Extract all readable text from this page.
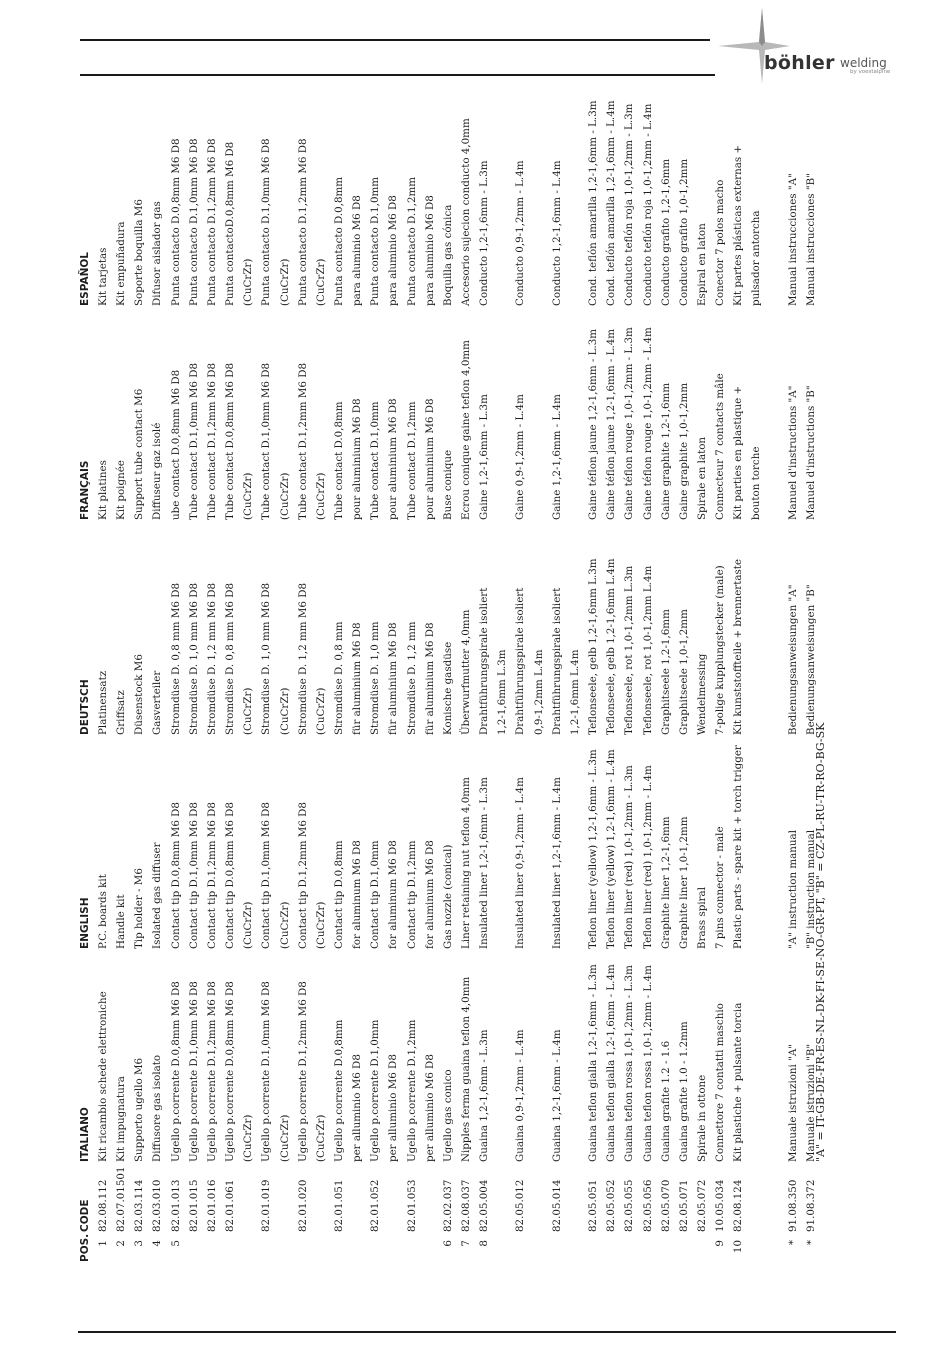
böhler welding
by voestalpine
POS.
CODE
ITALIANO
ENGLISH
DEUTSCH
FRANÇAIS
ESPAÑOL
1
82.08.112
Kit ricambio schede elettroniche
P.C. boards kit
Platinensatz
Kit platines
Kit tarjetas
2
82.07.01501
Kit impugnatura
Handle kit
Griffsatz
Kit poignée
Kit empuñadura
3
82.03.114
Supporto ugello M6
Tip holder - M6
Düsenstock M6
Support tube contact M6
Soporte boquilla M6
4
82.03.010
Diffusore gas isolato
Isolated gas diffuser
Gasverteiler
Diffuseur gaz isolé
Difusor aislador gas
5
82.01.013
Ugello p.corrente D.0,8mm M6 D8
Contact tip D.0,8mm M6 D8
Stromdüse D. 0,8 mm M6 D8
ube contact D.0,8mm M6 D8
Punta contacto D.0,8mm M6 D8
82.01.015
Ugello p.corrente D.1,0mm M6 D8
Contact tip D.1,0mm M6 D8
Stromdüse D. 1,0 mm M6 D8
Tube contact D.1,0mm M6 D8
Punta contacto D.1,0mm M6 D8
82.01.016
Ugello p.corrente D.1,2mm M6 D8
Contact tip D.1,2mm M6 D8
Stromdüse D. 1,2 mm M6 D8
Tube contact D.1,2mm M6 D8
Punta contacto D.1,2mm M6 D8
82.01.061
Ugello p.corrente D.0,8mm M6 D8
Contact tip D.0,8mm M6 D8
Stromdüse D. 0,8 mm M6 D8
Tube contact D.0,8mm M6 D8
Punta contactoD.0,8mm M6 D8
(CuCrZr)
(CuCrZr)
(CuCrZr)
(CuCrZr)
(CuCrZr)
82.01.019
Ugello p.corrente D.1,0mm M6 D8
Contact tip D.1,0mm M6 D8
Stromdüse D. 1,0 mm M6 D8
Tube contact D.1,0mm M6 D8
Punta contacto D.1,0mm M6 D8
(CuCrZr)
(CuCrZr)
(CuCrZr)
(CuCrZr)
(CuCrZr)
82.01.020
Ugello p.corrente D.1,2mm M6 D8
Contact tip D.1,2mm M6 D8
Stromdüse D. 1,2 mm M6 D8
Tube contact D.1,2mm M6 D8
Punta contacto D.1,2mm M6 D8
(CuCrZr)
(CuCrZr)
(CuCrZr)
(CuCrZr)
(CuCrZr)
82.01.051
Ugello p.corrente D.0,8mm
Contact tip D.0,8mm
Stromdüse D. 0,8 mm
Tube contact D.0,8mm
Punta contacto D.0,8mm
per alluminio M6 D8
for aluminum M6 D8
für aluminium M6 D8
pour aluminium M6 D8
para aluminio M6 D8
82.01.052
Ugello p.corrente D.1,0mm
Contact tip D.1,0mm
Stromdüse D. 1,0 mm
Tube contact D.1,0mm
Punta contacto D.1,0mm
per alluminio M6 D8
for aluminum M6 D8
für aluminium M6 D8
pour aluminium M6 D8
para aluminio M6 D8
82.01.053
Ugello p.corrente D.1,2mm
Contact tip D.1,2mm
Stromdüse D. 1,2 mm
Tube contact D.1,2mm
Punta contacto D.1,2mm
per alluminio M6 D8
for aluminum M6 D8
für aluminium M6 D8
pour aluminium M6 D8
para aluminio M6 D8
6
82.02.037
Ugello gas conico
Gas nozzle (conical)
Konische gasdüse
Buse conique
Boquilla gas cónica
7
82.08.037
Nipples ferma guaina teflon 4,0mm
Liner retaining nut teflon 4,0mm
Überwurfmutter 4,0mm
Ecrou conique gaine teflon 4,0mm
Accesorio sujecion conducto 4,0mm
8
82.05.004
Guaina 1,2-1,6mm - L.3m
Insulated liner 1,2-1,6mm - L.3m
Drahtführungspirale isoliert
Gaine 1,2-1,6mm - L.3m
Conducto 1,2-1,6mm - L.3m
1,2-1,6mm L.3m
82.05.012
Guaina 0,9-1,2mm - L.4m
Insulated liner 0,9-1,2mm - L.4m
Drahtführungspirale isoliert
Gaine 0,9-1,2mm - L.4m
Conducto 0,9-1,2mm - L.4m
0,9-1,2mm L.4m
82.05.014
Guaina 1,2-1,6mm - L.4m
Insulated liner 1,2-1,6mm - L.4m
Drahtführungspirale isoliert
Gaine 1,2-1,6mm - L.4m
Conducto 1,2-1,6mm - L.4m
1,2-1,6mm L.4m
82.05.051
Guaina teflon gialla 1,2-1,6mm - L.3m
Teflon liner (yellow) 1,2-1,6mm - L.3m
Teflonseele, gelb 1,2-1,6mm L.3m
Gaine téflon jaune 1,2-1,6mm - L.3m
Cond. teflón amarilla 1,2-1,6mm - L.3m
82.05.052
Guaina teflon gialla 1,2-1,6mm - L.4m
Teflon liner (yellow) 1,2-1,6mm - L.4m
Teflonseele, gelb 1,2-1,6mm L.4m
Gaine téflon jaune 1,2-1,6mm - L.4m
Cond. teflón amarilla 1,2-1,6mm - L.4m
82.05.055
Guaina teflon rossa 1,0-1,2mm - L.3m
Teflon liner (red) 1,0-1,2mm - L.3m
Teflonseele, rot 1,0-1,2mm L.3m
Gaine téflon rouge 1,0-1,2mm - L.3m
Conducto teflón roja 1,0-1,2mm - L.3m
82.05.056
Guaina teflon rossa 1,0-1,2mm - L.4m
Teflon liner (red) 1,0-1,2mm - L.4m
Teflonseele, rot 1,0-1,2mm L.4m
Gaine téflon rouge 1,0-1,2mm - L.4m
Conducto teflón roja 1,0-1,2mm - L.4m
82.05.070
Guaina grafite 1.2 - 1.6
Graphite liner 1,2-1,6mm
Graphitseele 1,2-1,6mm
Gaine graphite 1,2-1,6mm
Conducto grafito 1,2-1,6mm
82.05.071
Guaina grafite 1.0 - 1.2mm
Graphite liner 1,0-1,2mm
Graphitseele 1,0-1,2mm
Gaine graphite 1,0-1,2mm
Conducto grafito 1,0-1,2mm
82.05.072
Spirale in ottone
Brass spiral
Wendelmessing
Spirale en laton
Espiral en laton
9
10.05.034
Connettore 7 contatti maschio
7 pins connector - male
7-polige kupplungstecker (male)
Connecteur 7 contacts mâle
Conector 7 polos macho
10
82.08.124
Kit plastiche + pulsante torcia
Plastic parts - spare kit + torch trigger
Kit kunststoffteile + brennertaste
Kit parties en plastique +
Kit partes plásticas externas +
bouton torche
pulsador antorcha
*
91.08.350
Manuale istruzioni "A"
"A" instruction manual
Bedienungsanweisungen "A"
Manuel d'instructions "A"
Manual instrucciones "A"
*
91.08.372
Manuale istruzioni "B"
"B" instruction manual
Bedienungsanweisungen "B"
Manuel d'instructions "B"
Manual instrucciones "B"
"A" = IT-GB-DE-FR-ES-NL-DK-FI-SE-NO-GR-PT, "B" = CZ-PL-RU-TR-RO-BG-SK
